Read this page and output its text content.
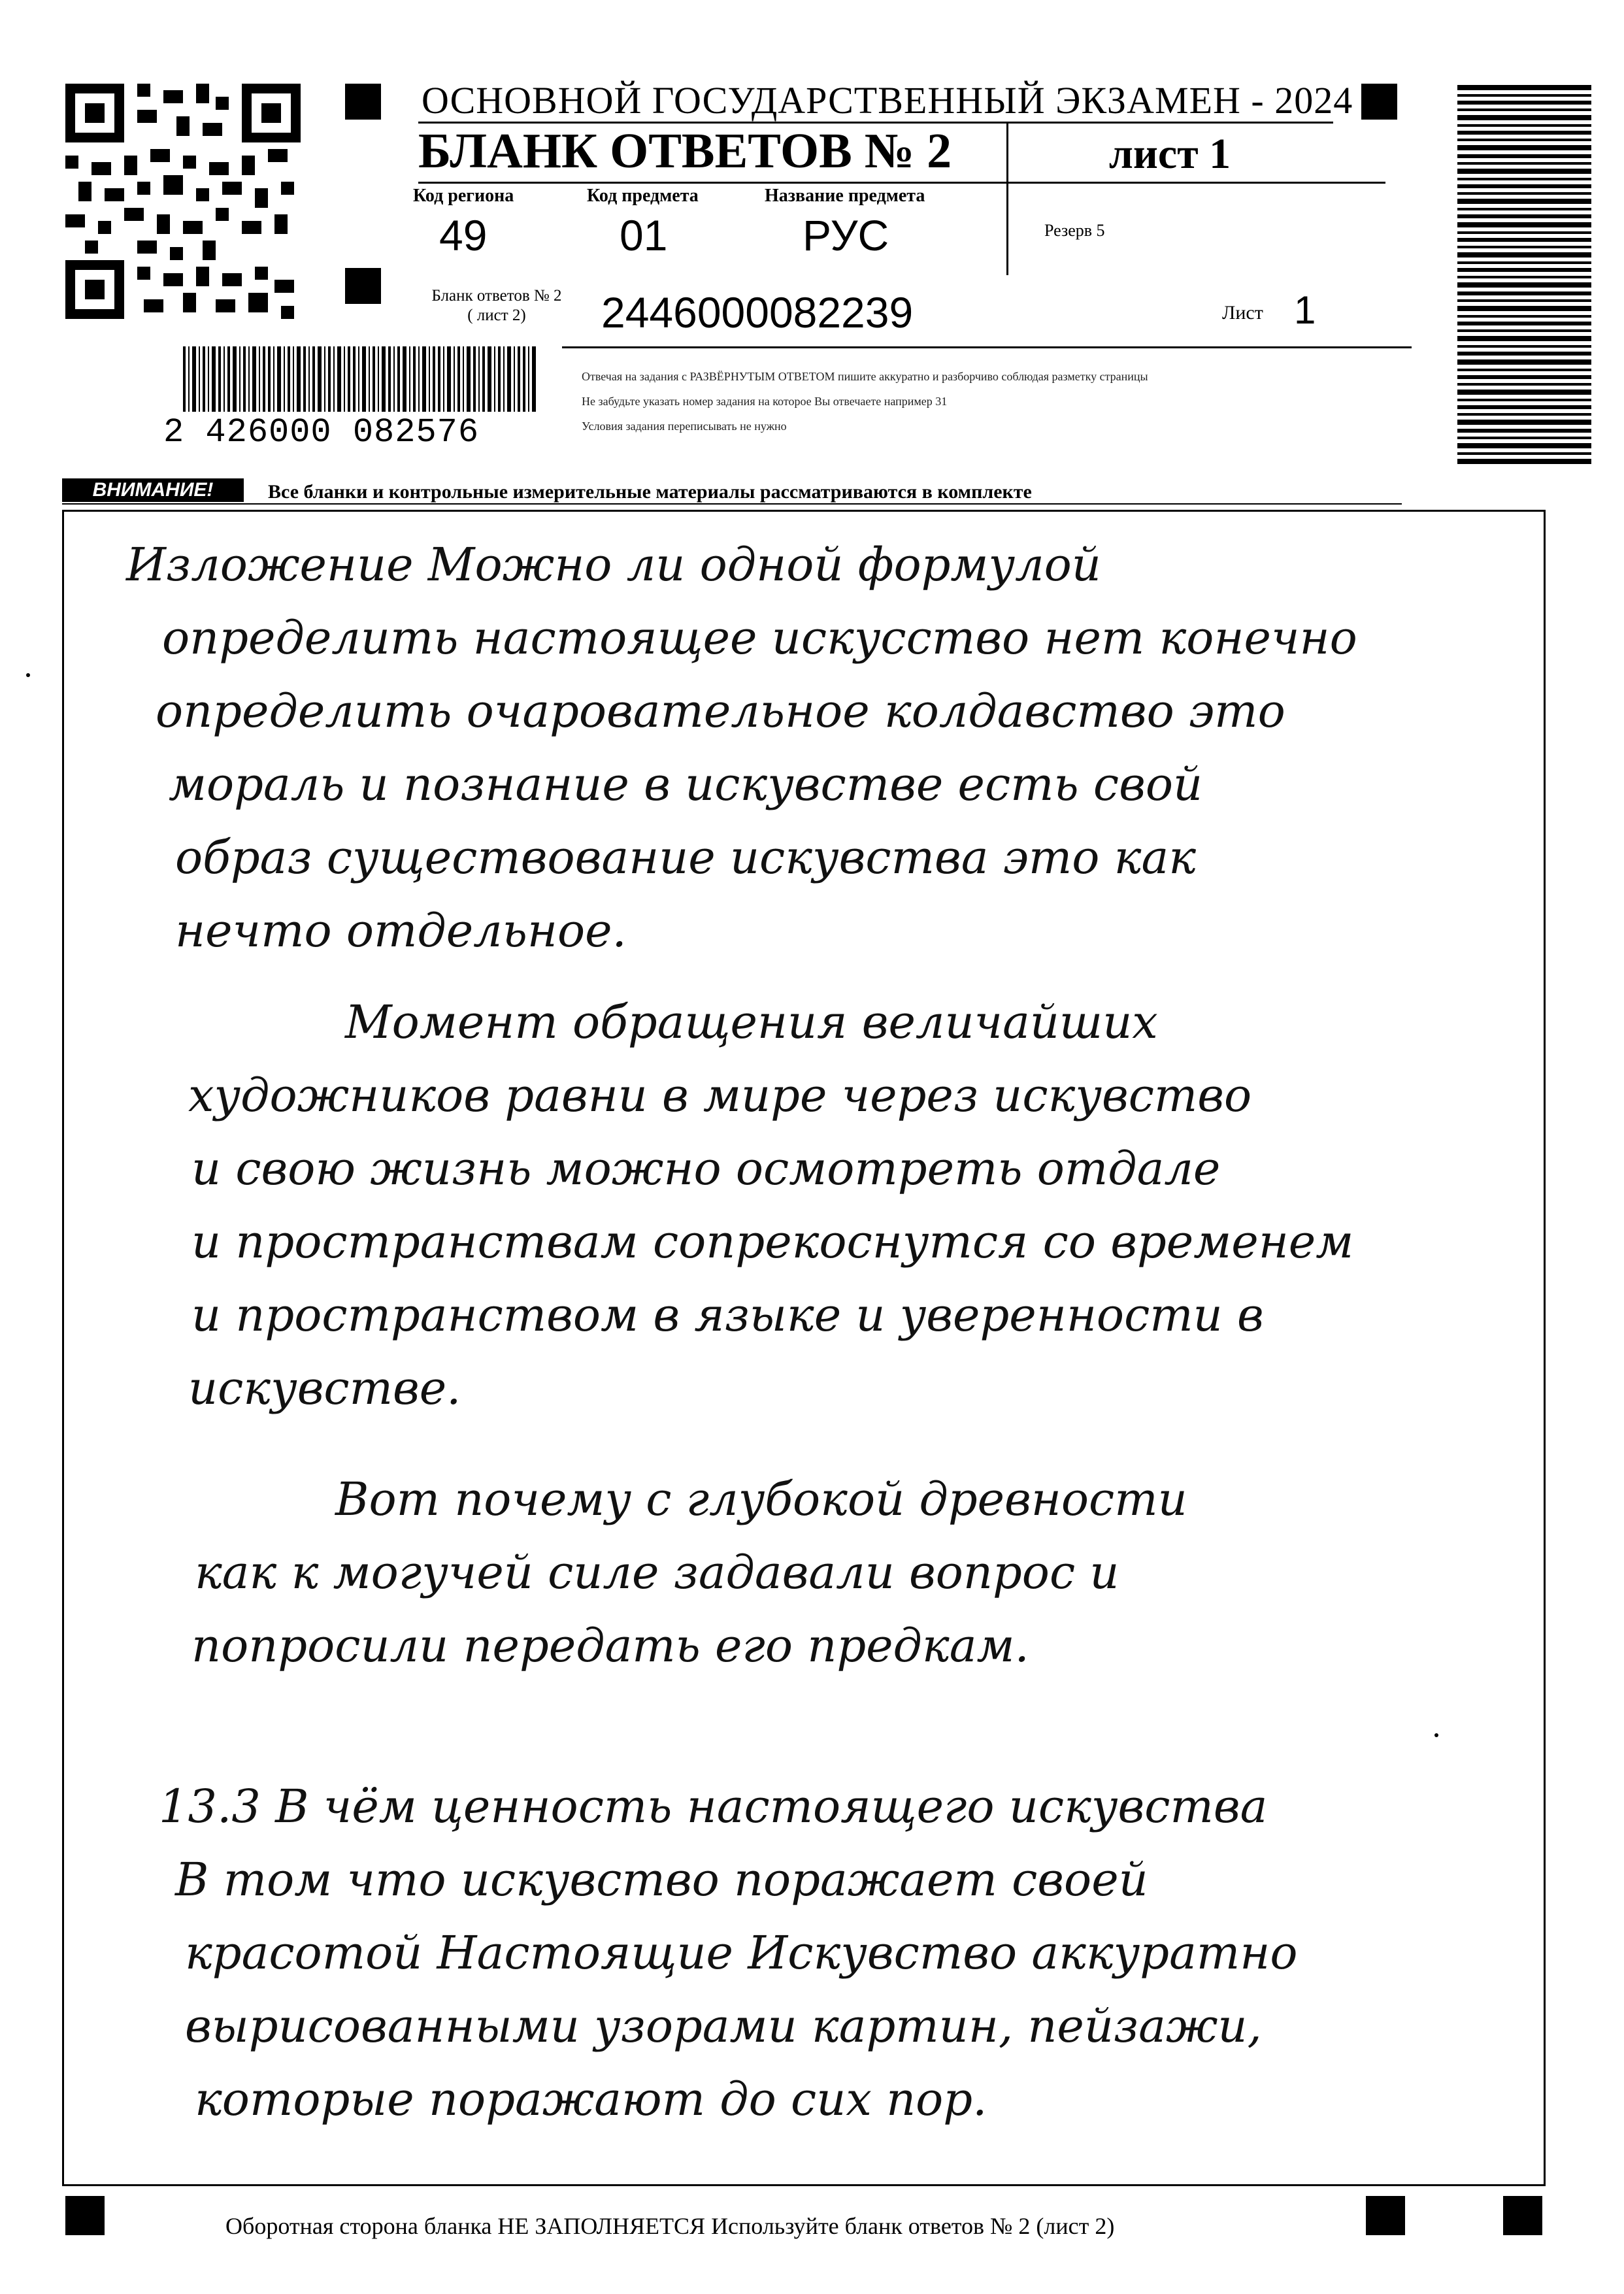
ОСНОВНОЙ ГОСУДАРСТВЕННЫЙ ЭКЗАМЕН - 2024
БЛАНК ОТВЕТОВ № 2	лист 1
Код региона
49
Код предмета
01
Название предмета
РУС	Резерв 5
Бланк ответов № 2
( лист 2)	2446000082239	Лист 1
Отвечая на задания с РАЗВЁРНУТЫМ ОТВЕТОМ пишите аккуратно и разборчиво соблюдая разметку страницы
Не забудьте указать номер задания на которое Вы отвечаете например 31
Условия задания переписывать не нужно
2 426000 082576
ВНИМАНИЕ!	Все бланки и контрольные измерительные материалы рассматриваются в комплекте
Изложение Можно ли одной формулой
определить настоящее искусство нет конечно
определить очаровательное колдавство это
мораль и познание в искувстве есть свой
образ существование искувства это как
нечто отдельное.
Момент обращения величайших
художников равни в мире через искувство
и свою жизнь можно осмотреть отдале
и пространствам сопрекоснутся со временем
и пространством в языке и уверенности в
искувстве.
Вот почему с глубокой древности
как к могучей силе задавали вопрос и
попросили передать его предкам.
13.3 В чём ценность настоящего искувства
В том что искувство поражает своей
красотой Настоящие Искувство аккуратно
вырисованными узорами картин, пейзажи,
которые поражают до сих пор.
Оборотная сторона бланка НЕ ЗАПОЛНЯЕТСЯ Используйте бланк ответов № 2 (лист 2)
